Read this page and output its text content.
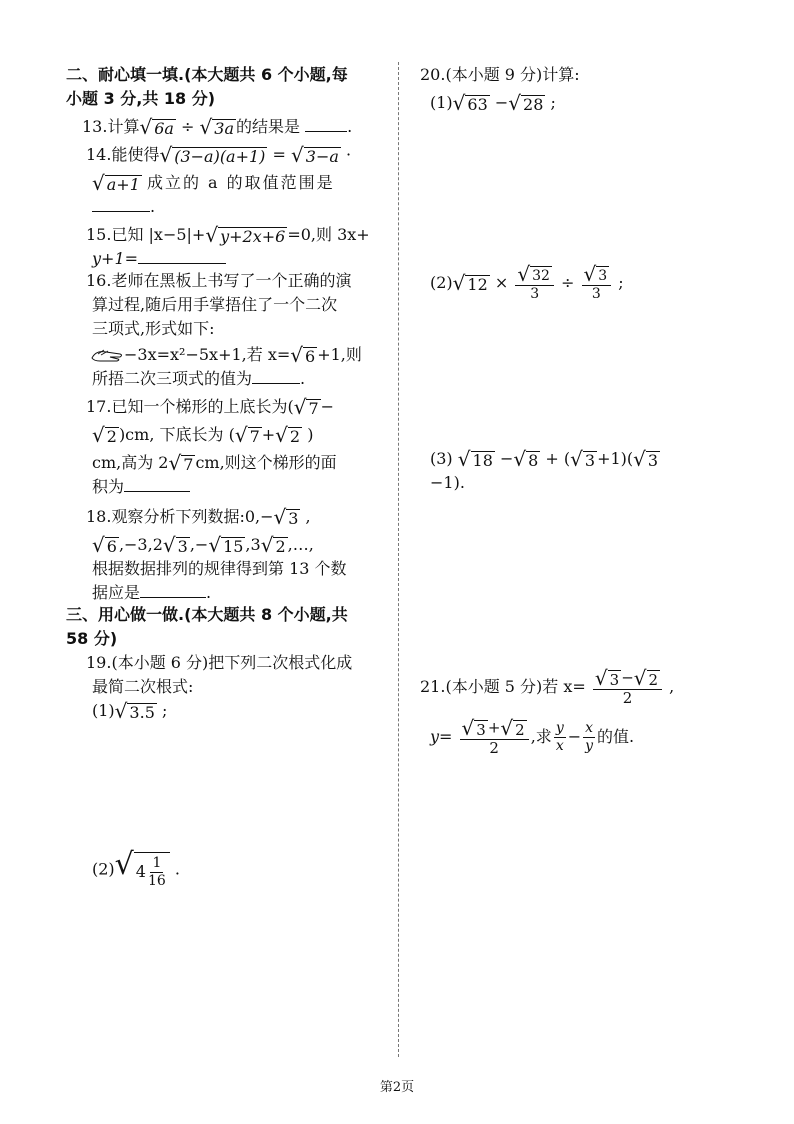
二、耐心填一填.(本大题共 6 个小题,每
小题 3 分,共 18 分)
13.计算 √ 6a ÷ √ 3a 的结果是	.
14.能使得 √ (3−a)(a+1) = √ 3−a ·
√ a+1 成立的 a 的取值范围是
.
15.已知 |x−5|+ √ y+2x+6 =0,则 3x+
y+1=
16.老师在黑板上书写了一个正确的演
算过程,随后用手掌捂住了一个二次
三项式,形式如下:
−3x=x²−5x+1,若 x= √ 6 +1,则
所捂二次三项式的值为	.
17.已知一个梯形的上底长为( √ 7 −
√ 2 )cm, 下底长为 ( √ 7 + √ 2 )
cm,高为 2 √ 7 cm,则这个梯形的面
积为
18.观察分析下列数据:0,− √ 3 ,
√ 6 ,−3,2 √ 3 ,− √ 15 ,3 √ 2 ,…,
根据数据排列的规律得到第 13 个数
据应是	.
三、用心做一做.(本大题共 8 个小题,共
58 分)
19.(本小题 6 分)把下列二次根式化成
最简二次根式:
(1) √ 3.5 ;
(2) √ $4 \frac{1}{16}$ .
20.(本小题 9 分)计算:
(1) √ 63 − √ 28 ;
(2) √ $12 \times \frac{√ 32}{3} \div \frac{√ 3}{3}$ ;
(3) √ 18 − √ 8 + ( √ 3 +1)( √ 3
−1).
21.(本小题 5 分)若 $x= \frac{√ 3 - √ 2}{2}$ ,
$y= \frac{√ 3 + √ 2}{2}$ ,求 $\frac{y}{x} - \frac{x}{y}$ 的值.
第2页
